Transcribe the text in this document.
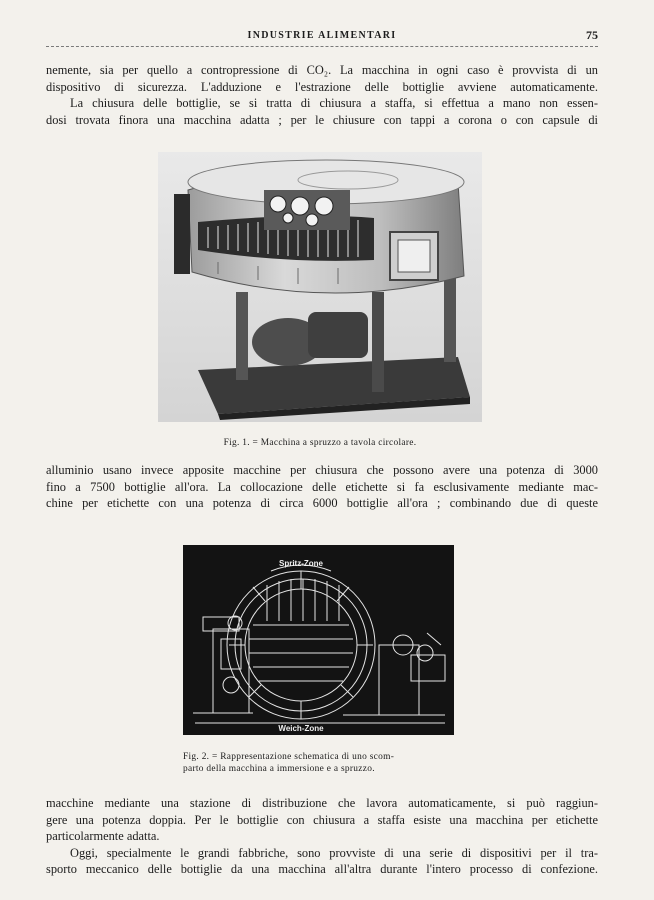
INDUSTRIE ALIMENTARI	75
nemente, sia per quello a contropressione di CO₂. La macchina in ogni caso è provvista di un
dispositivo di sicurezza. L'adduzione e l'estrazione delle bottiglie avviene automaticamente.
La chiusura delle bottiglie, se si tratta di chiusura a staffa, si effettua a mano non essen-
dosi trovata finora una macchina adatta ; per le chiusure con tappi a corona o con capsule di
Fig. 1. = Macchina a spruzzo a tavola circolare.
alluminio usano invece apposite macchine per chiusura che possono avere una potenza di 3000
fino a 7500 bottiglie all'ora. La collocazione delle etichette si fa esclusivamente mediante mac-
chine per etichette con una potenza di circa 6000 bottiglie all'ora ; combinando due di queste
Spritz-Zone
Weich-Zone
Fig. 2. = Rappresentazione schematica di uno scom-
parto della macchina a immersione e a spruzzo.
macchine mediante una stazione di distribuzione che lavora automaticamente, si può raggiun-
gere una potenza doppia. Per le bottiglie con chiusura a staffa esiste una macchina per etichette
particolarmente adatta.
Oggi, specialmente le grandi fabbriche, sono provviste di una serie di dispositivi per il tra-
sporto meccanico delle bottiglie da una macchina all'altra durante l'intero processo di confezione.
